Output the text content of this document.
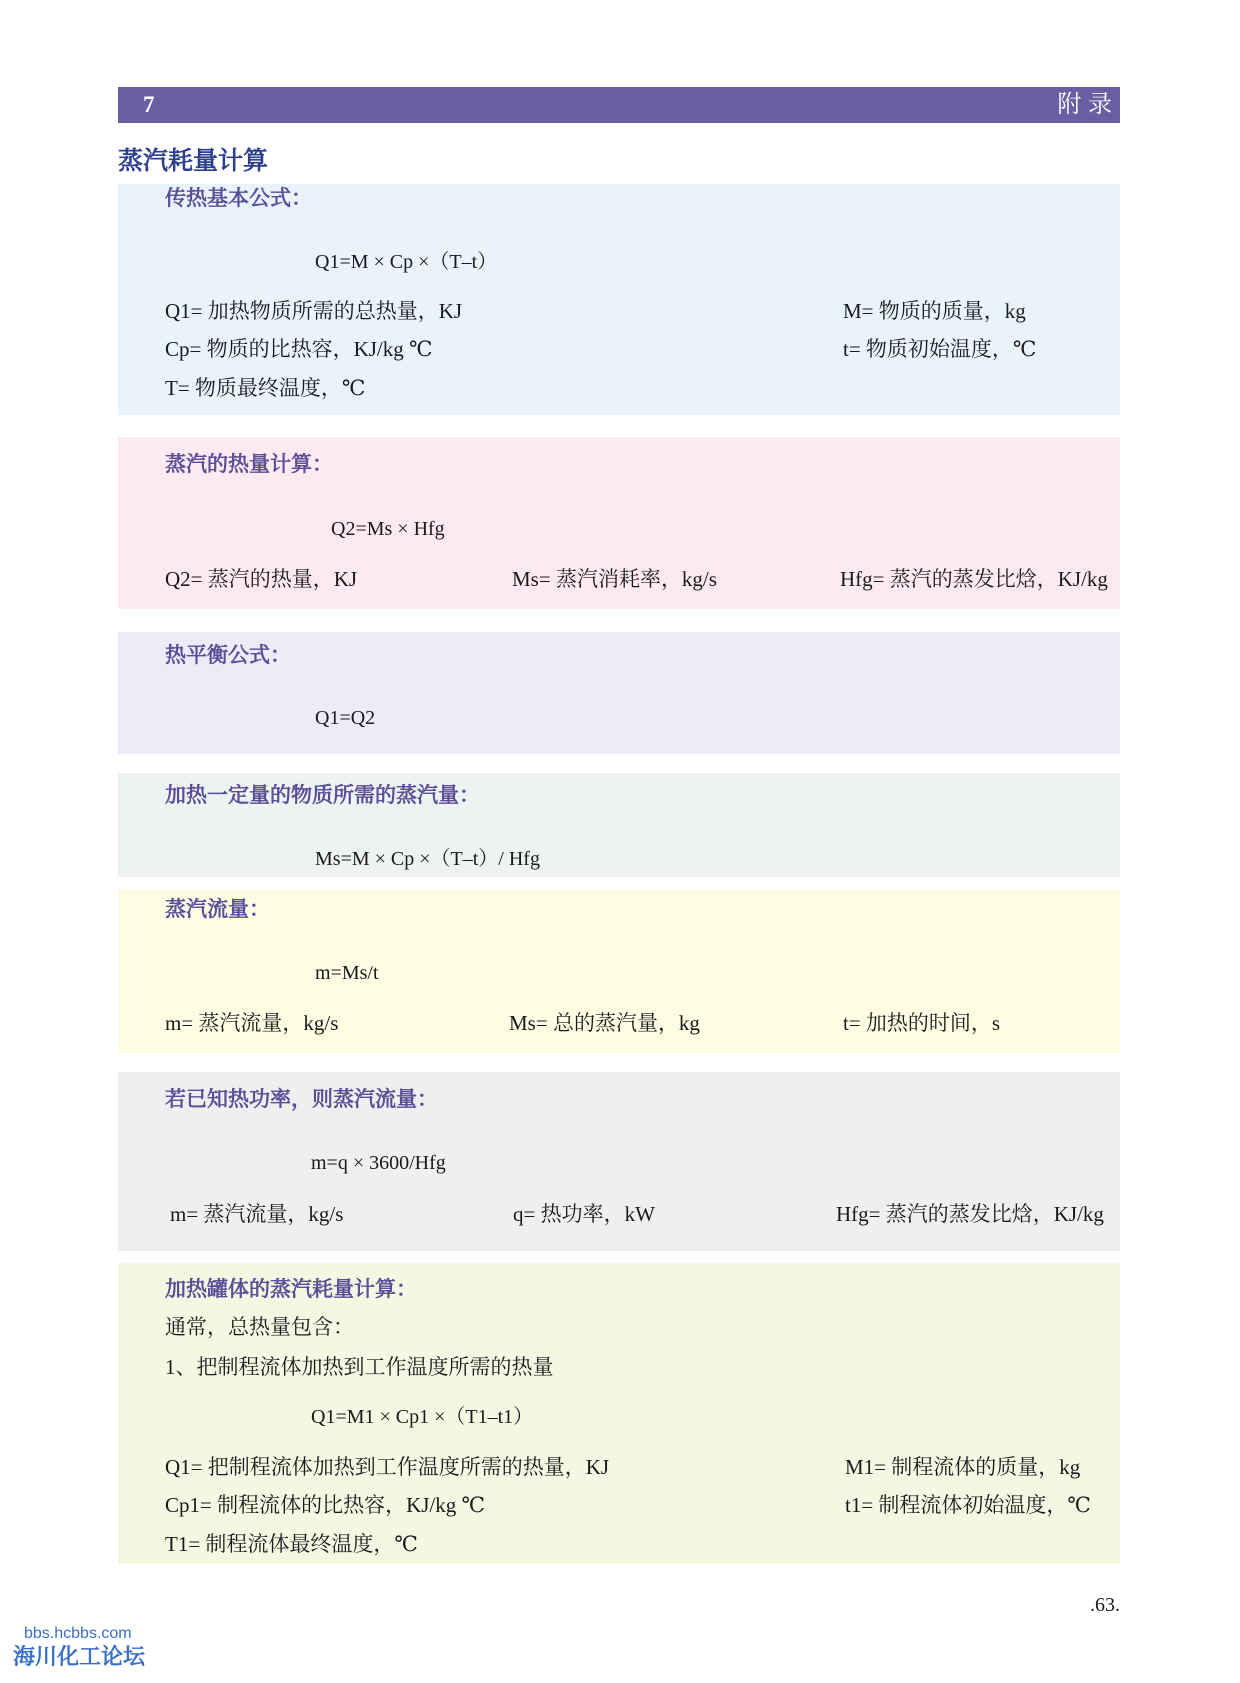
7	附 录
蒸汽耗量计算
传热基本公式：
Q1=M × Cp ×（T–t）
Q1= 加热物质所需的总热量，KJ	M= 物质的质量，kg
Cp= 物质的比热容，KJ/kg ℃	t= 物质初始温度，℃
T= 物质最终温度，℃
蒸汽的热量计算：
Q2=Ms × Hfg
Q2= 蒸汽的热量，KJ	Ms= 蒸汽消耗率，kg/s	Hfg= 蒸汽的蒸发比焓，KJ/kg
热平衡公式：
Q1=Q2
加热一定量的物质所需的蒸汽量：
Ms=M × Cp ×（T–t）/ Hfg
蒸汽流量：
m=Ms/t
m= 蒸汽流量，kg/s	Ms= 总的蒸汽量，kg	t= 加热的时间，s
若已知热功率，则蒸汽流量：
m=q × 3600/Hfg
m= 蒸汽流量，kg/s	q= 热功率，kW	Hfg= 蒸汽的蒸发比焓，KJ/kg
加热罐体的蒸汽耗量计算：
通常，总热量包含：
1、把制程流体加热到工作温度所需的热量
Q1=M1 × Cp1 ×（T1–t1）
Q1= 把制程流体加热到工作温度所需的热量，KJ	M1= 制程流体的质量，kg
Cp1= 制程流体的比热容，KJ/kg ℃	t1= 制程流体初始温度，℃
T1= 制程流体最终温度，℃
.63.
bbs.hcbbs.com
海川化工论坛
